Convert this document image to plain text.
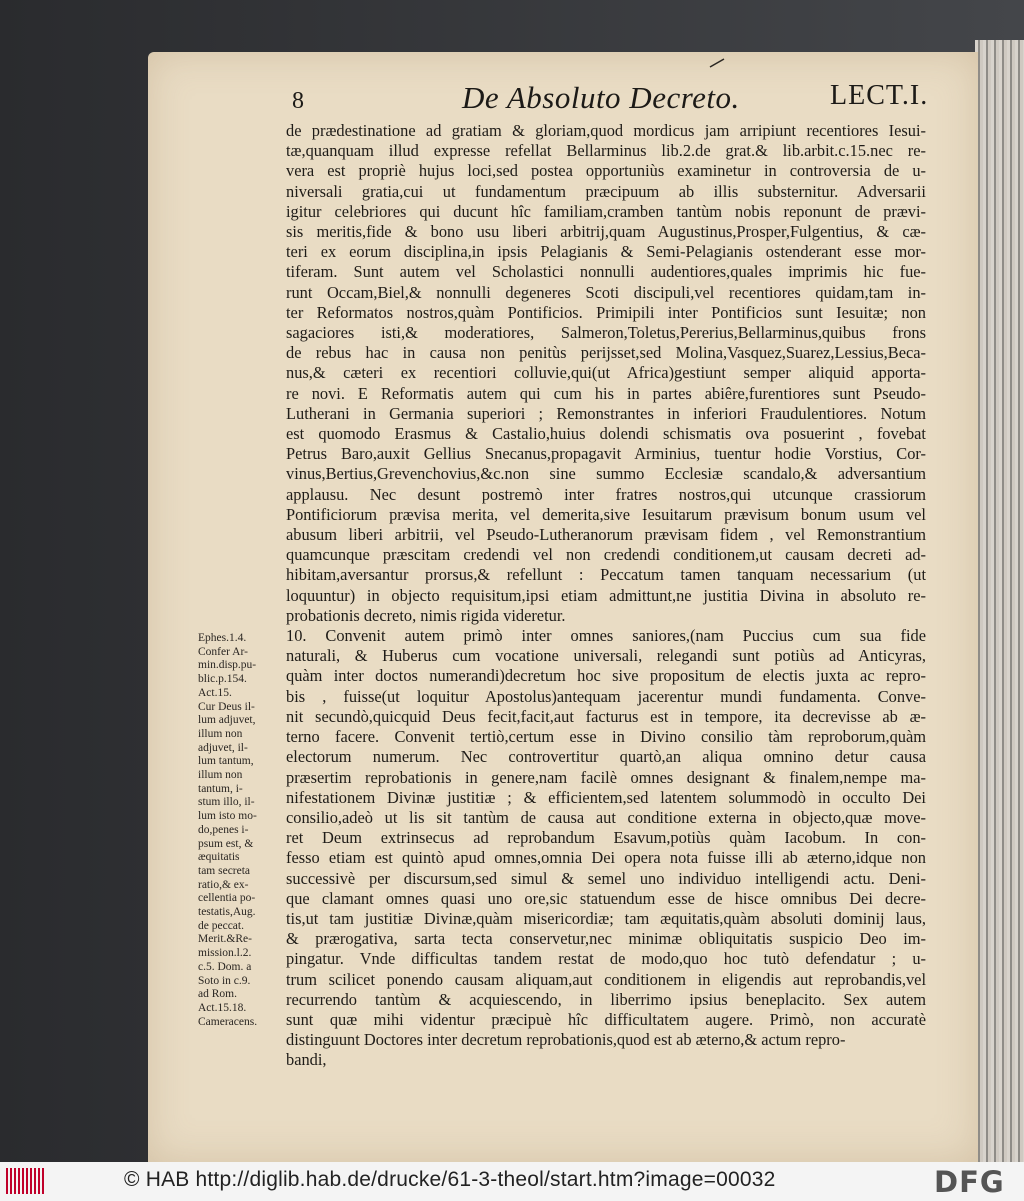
8	De Absoluto Decreto.	LECT.I.
de prædestinatione ad gratiam & gloriam,quod mordicus jam arripiunt recentiores Iesui-
tæ,quanquam illud expresse refellat Bellarminus lib.2.de grat.& lib.arbit.c.15.nec re-
vera est propriè hujus loci,sed postea opportuniùs examinetur in controversia de u-
niversali gratia,cui ut fundamentum præcipuum ab illis substernitur. Adversarii
igitur celebriores qui ducunt hîc familiam,cramben tantùm nobis reponunt de prævi-
sis meritis,fide & bono usu liberi arbitrij,quam Augustinus,Prosper,Fulgentius, & cæ-
teri ex eorum disciplina,in ipsis Pelagianis & Semi-Pelagianis ostenderant esse mor-
tiferam. Sunt autem vel Scholastici nonnulli audentiores,quales imprimis hic fue-
runt Occam,Biel,& nonnulli degeneres Scoti discipuli,vel recentiores quidam,tam in-
ter Reformatos nostros,quàm Pontificios. Primipili inter Pontificios sunt Iesuitæ; non
sagaciores isti,& moderatiores, Salmeron,Toletus,Pererius,Bellarminus,quibus frons
de rebus hac in causa non penitùs perijsset,sed Molina,Vasquez,Suarez,Lessius,Beca-
nus,& cæteri ex recentiori colluvie,qui(ut Africa)gestiunt semper aliquid apporta-
re novi. E Reformatis autem qui cum his in partes abiêre,furentiores sunt Pseudo-
Lutherani in Germania superiori ; Remonstrantes in inferiori Fraudulentiores. Notum
est quomodo Erasmus & Castalio,huius dolendi schismatis ova posuerint , fovebat
Petrus Baro,auxit Gellius Snecanus,propagavit Arminius, tuentur hodie Vorstius, Cor-
vinus,Bertius,Grevenchovius,&c.non sine summo Ecclesiæ scandalo,& adversantium
applausu. Nec desunt postremò inter fratres nostros,qui utcunque crassiorum
Pontificiorum prævisa merita, vel demerita,sive Iesuitarum prævisum bonum usum vel
abusum liberi arbitrii, vel Pseudo-Lutheranorum prævisam fidem , vel Remonstrantium
quamcunque præscitam credendi vel non credendi conditionem,ut causam decreti ad-
hibitam,aversantur prorsus,& refellunt : Peccatum tamen tanquam necessarium (ut
loquuntur) in objecto requisitum,ipsi etiam admittunt,ne justitia Divina in absoluto re-
probationis decreto, nimis rigida videretur.
10. Convenit autem primò inter omnes saniores,(nam Puccius cum sua fide
naturali, & Huberus cum vocatione universali, relegandi sunt potiùs ad Anticyras,
quàm inter doctos numerandi)decretum hoc sive propositum de electis juxta ac repro-
bis , fuisse(ut loquitur Apostolus)antequam jacerentur mundi fundamenta. Conve-
nit secundò,quicquid Deus fecit,facit,aut facturus est in tempore, ita decrevisse ab æ-
terno facere. Convenit tertiò,certum esse in Divino consilio tàm reproborum,quàm
electorum numerum. Nec controvertitur quartò,an aliqua omnino detur causa
præsertim reprobationis in genere,nam facilè omnes designant & finalem,nempe ma-
nifestationem Divinæ justitiæ ; & efficientem,sed latentem solummodò in occulto Dei
consilio,adeò ut lis sit tantùm de causa aut conditione externa in objecto,quæ move-
ret Deum extrinsecus ad reprobandum Esavum,potiùs quàm Iacobum. In con-
fesso etiam est quintò apud omnes,omnia Dei opera nota fuisse illi ab æterno,idque non
successivè per discursum,sed simul & semel uno individuo intelligendi actu. Deni-
que clamant omnes quasi uno ore,sic statuendum esse de hisce omnibus Dei decre-
tis,ut tam justitiæ Divinæ,quàm misericordiæ; tam æquitatis,quàm absoluti dominij laus,
& prærogativa, sarta tecta conservetur,nec minimæ obliquitatis suspicio Deo im-
pingatur. Vnde difficultas tandem restat de modo,quo hoc tutò defendatur ; u-
trum scilicet ponendo causam aliquam,aut conditionem in eligendis aut reprobandis,vel
recurrendo tantùm & acquiescendo, in liberrimo ipsius beneplacito. Sex autem
sunt quæ mihi videntur præcipuè hîc difficultatem augere. Primò, non accuratè
distinguunt Doctores inter decretum reprobationis,quod est ab æterno,& actum repro-
bandi,
Ephes.1.4.
Confer Ar-
min.disp.pu-
blic.p.154.
Act.15.
Cur Deus il-
lum adjuvet,
illum non
adjuvet, il-
lum tantum,
illum non
tantum, i-
stum illo, il-
lum isto mo-
do,penes i-
psum est, &
æquitatis
tam secreta
ratio,& ex-
cellentia po-
testatis,Aug.
de peccat.
Merit.&Re-
mission.l.2.
c.5. Dom. a
Soto in c.9.
ad Rom.
Act.15.18.
Cameracens.
© HAB http://diglib.hab.de/drucke/61-3-theol/start.htm?image=00032	DFG
